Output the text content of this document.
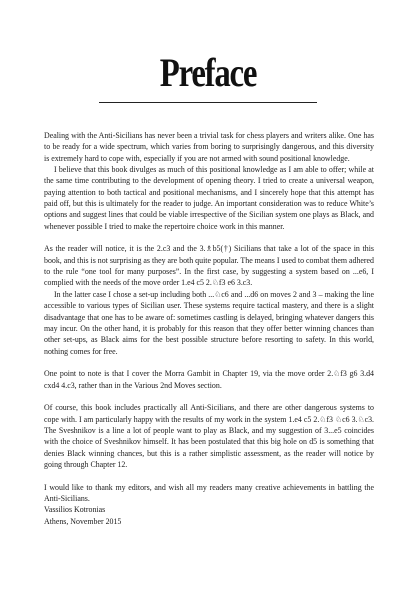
Preface

Dealing with the Anti-Sicilians has never been a trivial task for chess players and writers alike. One has to be ready for a wide spectrum, which varies from boring to surprisingly dangerous, and this diversity is extremely hard to cope with, especially if you are not armed with sound positional knowledge.

I believe that this book divulges as much of this positional knowledge as I am able to offer; while at the same time contributing to the development of opening theory. I tried to create a universal weapon, paying attention to both tactical and positional mechanisms, and I sincerely hope that this attempt has paid off, but this is ultimately for the reader to judge. An important consideration was to reduce White’s options and suggest lines that could be viable irrespective of the Sicilian system one plays as Black, and whenever possible I tried to make the repertoire choice work in this manner.

As the reader will notice, it is the 2.c3 and the 3.♗b5(†) Sicilians that take a lot of the space in this book, and this is not surprising as they are both quite popular. The means I used to combat them adhered to the rule “one tool for many purposes”. In the first case, by suggesting a system based on ...e6, I complied with the needs of the move order 1.e4 c5 2.♘f3 e6 3.c3.

In the latter case I chose a set-up including both ...♘c6 and ...d6 on moves 2 and 3 – making the line accessible to various types of Sicilian user. These systems require tactical mastery, and there is a slight disadvantage that one has to be aware of: sometimes castling is delayed, bringing whatever dangers this may incur. On the other hand, it is probably for this reason that they offer better winning chances than other set-ups, as Black aims for the best possible structure before resorting to safety. In this world, nothing comes for free.

One point to note is that I cover the Morra Gambit in Chapter 19, via the move order 2.♘f3 g6 3.d4 cxd4 4.c3, rather than in the Various 2nd Moves section.

Of course, this book includes practically all Anti-Sicilians, and there are other dangerous systems to cope with. I am particularly happy with the results of my work in the system 1.e4 c5 2.♘f3 ♘c6 3.♘c3. The Sveshnikov is a line a lot of people want to play as Black, and my suggestion of 3...e5 coincides with the choice of Sveshnikov himself. It has been postulated that this big hole on d5 is something that denies Black winning chances, but this is a rather simplistic assessment, as the reader will notice by going through Chapter 12.

I would like to thank my editors, and wish all my readers many creative achievements in battling the Anti-Sicilians.

Vassilios Kotronias

Athens, November 2015
